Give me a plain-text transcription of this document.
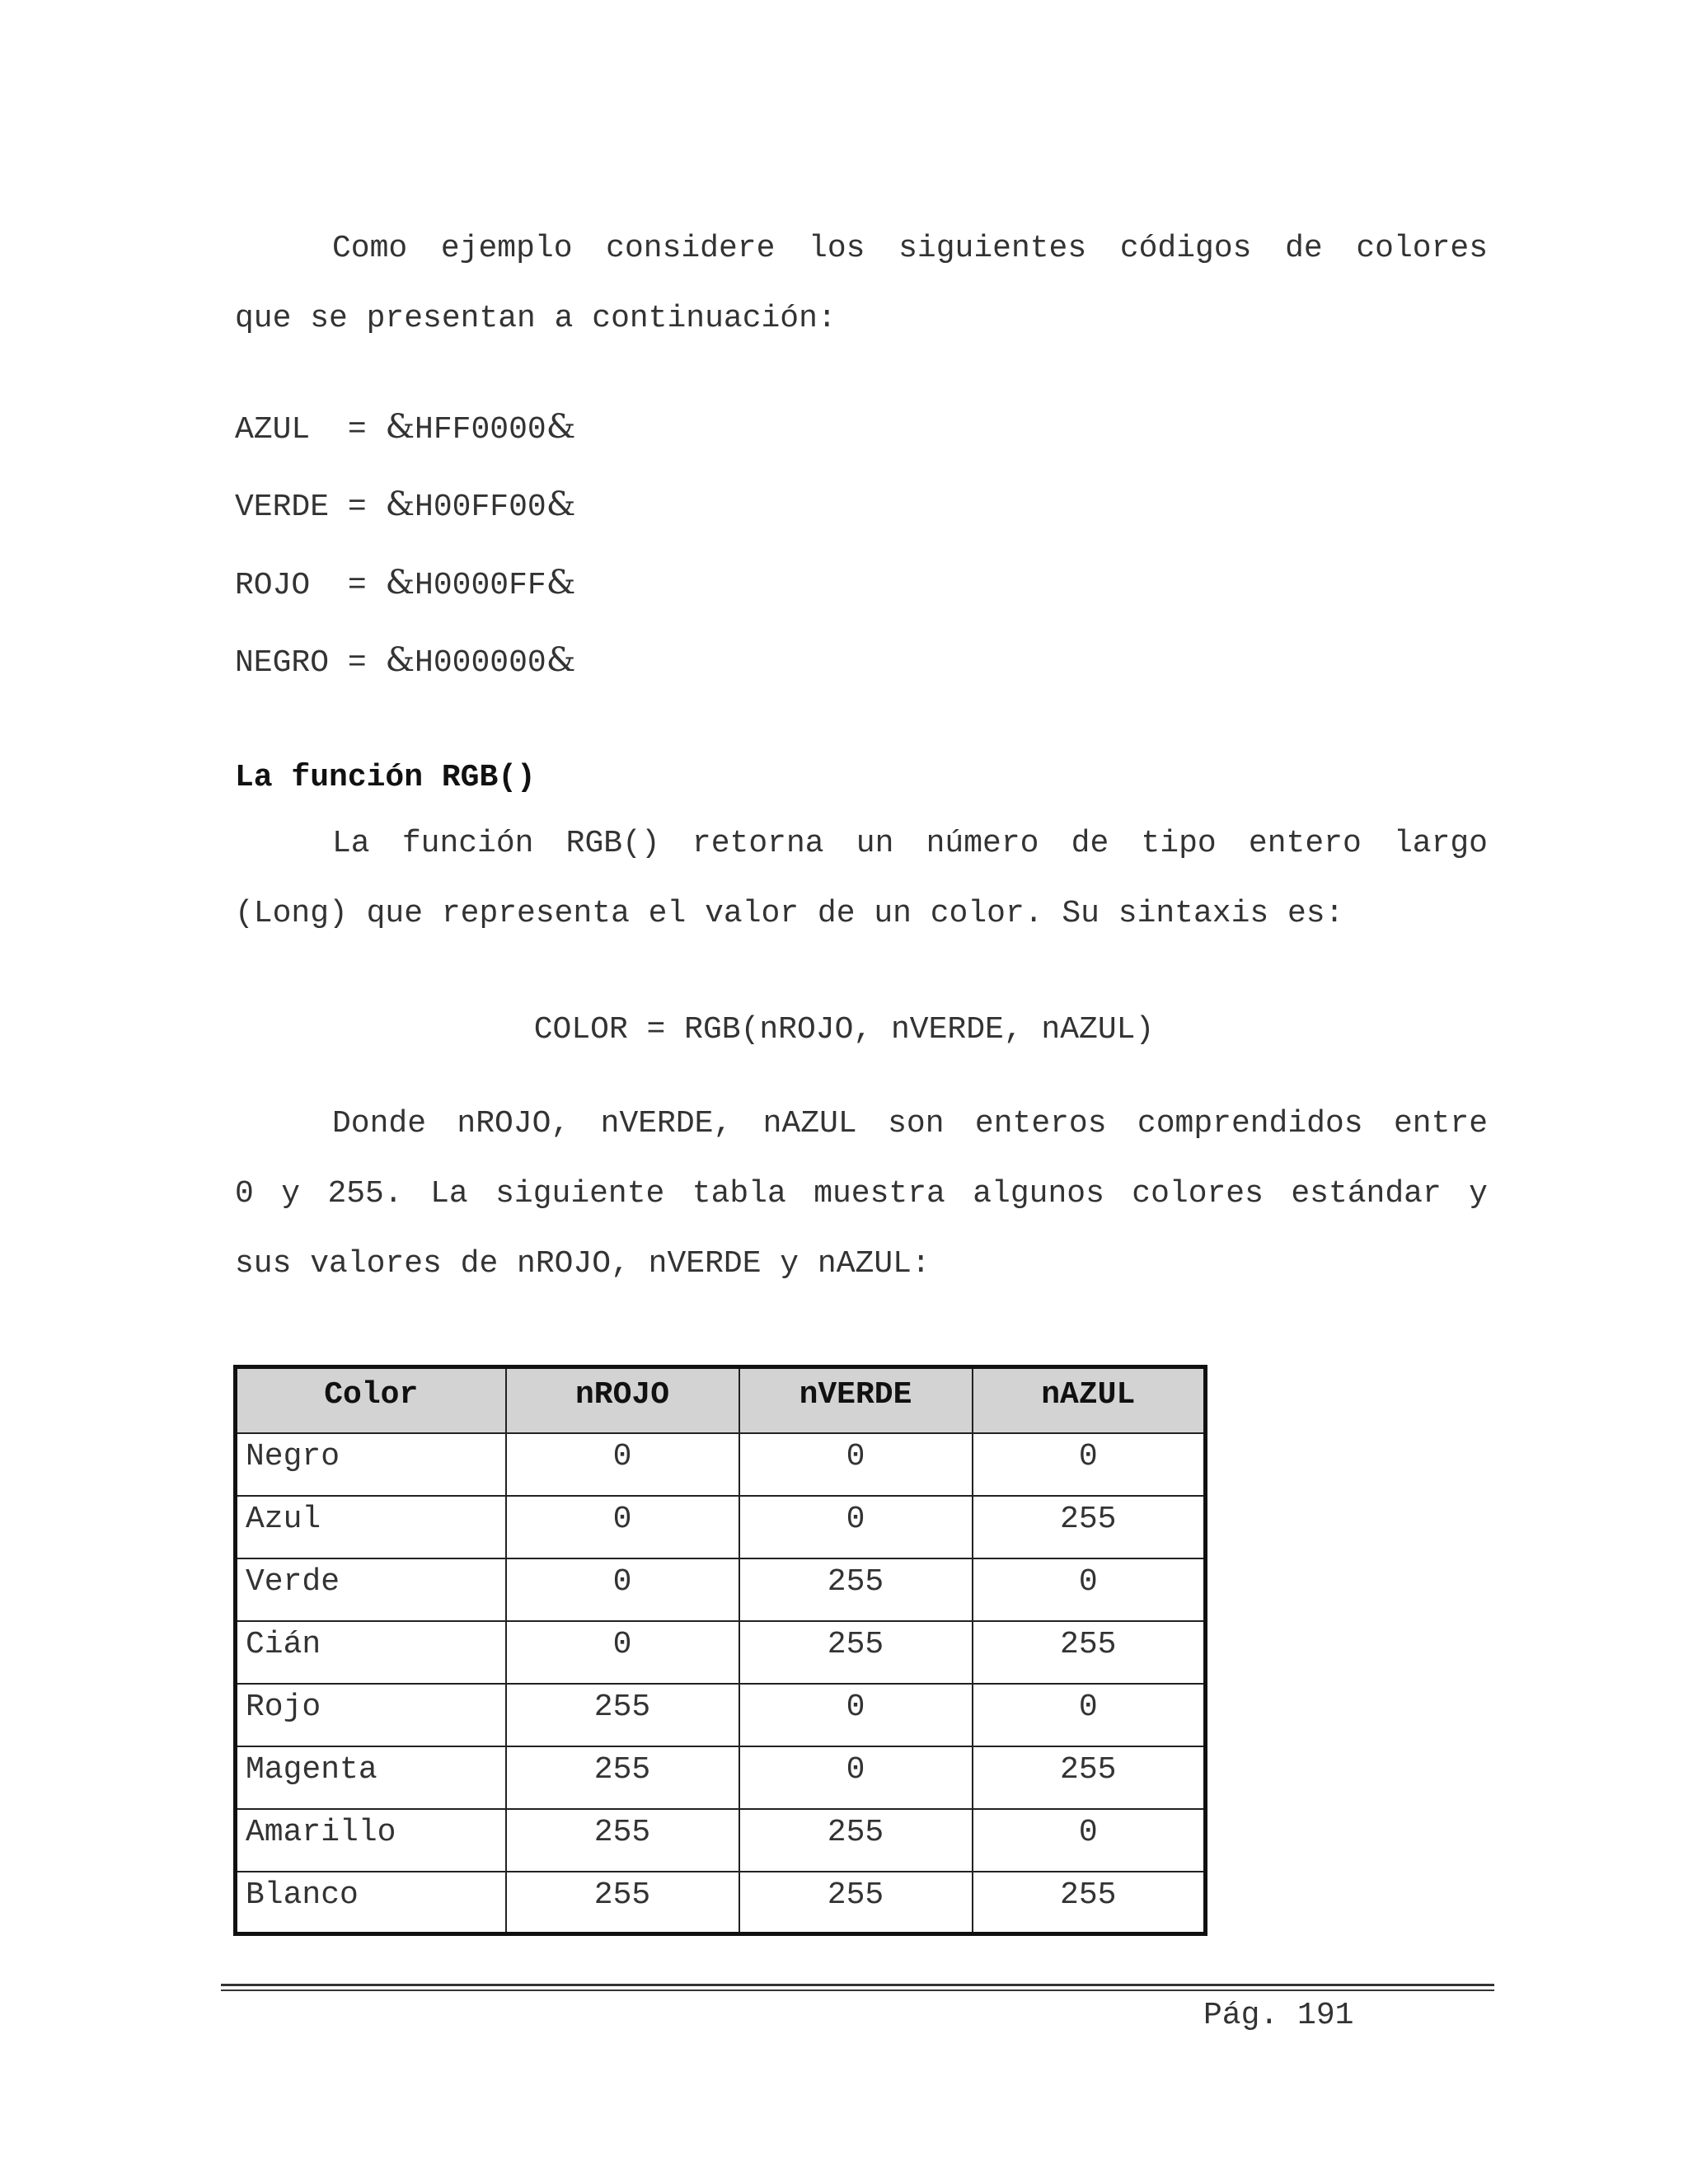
Como ejemplo considere los siguientes códigos de colores
que se presentan a continuación:
AZUL  = &HFF0000&
VERDE = &H00FF00&
ROJO  = &H0000FF&
NEGRO = &H000000&
La función RGB()
La función RGB() retorna un número de tipo entero largo
(Long) que representa el valor de un color. Su sintaxis es:
COLOR = RGB(nROJO, nVERDE, nAZUL)
Donde nROJO, nVERDE, nAZUL son enteros comprendidos entre
0 y 255. La siguiente tabla muestra algunos colores estándar y
sus valores de nROJO, nVERDE y nAZUL:
Color	nROJO	nVERDE	nAZUL
Negro	0	0	0
Azul	0	0	255
Verde	0	255	0
Cián	0	255	255
Rojo	255	0	0
Magenta	255	0	255
Amarillo	255	255	0
Blanco	255	255	255
Pág. 191
